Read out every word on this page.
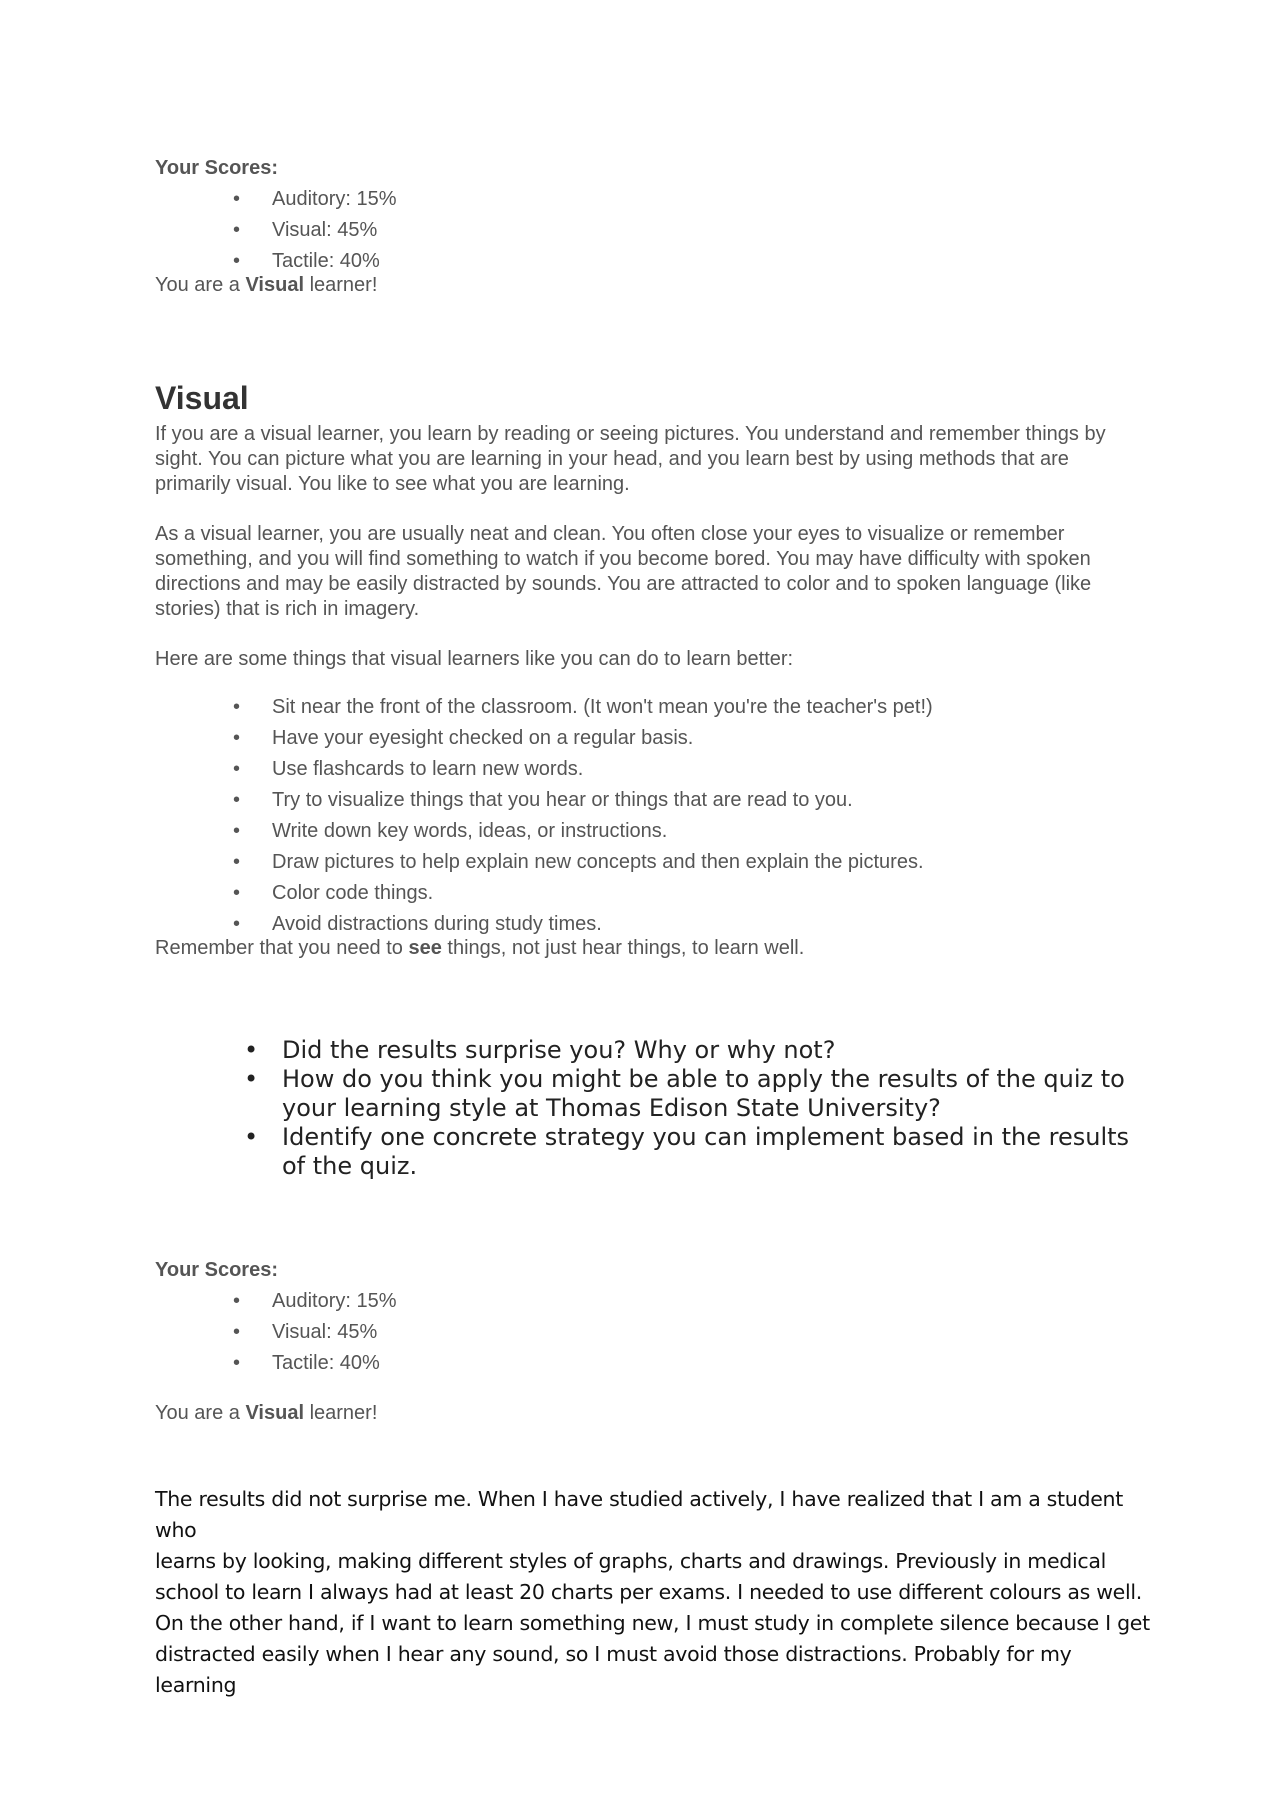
Your Scores:
• Auditory: 15%
• Visual: 45%
• Tactile: 40%
You are a Visual learner!
Visual

If you are a visual learner, you learn by reading or seeing pictures. You understand and remember things by sight. You can picture what you are learning in your head, and you learn best by using methods that are primarily visual. You like to see what you are learning.

As a visual learner, you are usually neat and clean. You often close your eyes to visualize or remember something, and you will find something to watch if you become bored. You may have difficulty with spoken directions and may be easily distracted by sounds. You are attracted to color and to spoken language (like stories) that is rich in imagery.

Here are some things that visual learners like you can do to learn better:

• Sit near the front of the classroom. (It won't mean you're the teacher's pet!)
• Have your eyesight checked on a regular basis.
• Use flashcards to learn new words.
• Try to visualize things that you hear or things that are read to you.
• Write down key words, ideas, or instructions.
• Draw pictures to help explain new concepts and then explain the pictures.
• Color code things.
• Avoid distractions during study times.
Remember that you need to see things, not just hear things, to learn well.
• Did the results surprise you? Why or why not?
• How do you think you might be able to apply the results of the quiz to your learning style at Thomas Edison State University?
• Identify one concrete strategy you can implement based in the results of the quiz.
Your Scores:
• Auditory: 15%
• Visual: 45%
• Tactile: 40%
You are a Visual learner!
The results did not surprise me. When I have studied actively, I have realized that I am a student who
learns by looking, making different styles of graphs, charts and drawings. Previously in medical
school to learn I always had at least 20 charts per exams. I needed to use different colours as well.
On the other hand, if I want to learn something new, I must study in complete silence because I get
distracted easily when I hear any sound, so I must avoid those distractions. Probably for my learning
